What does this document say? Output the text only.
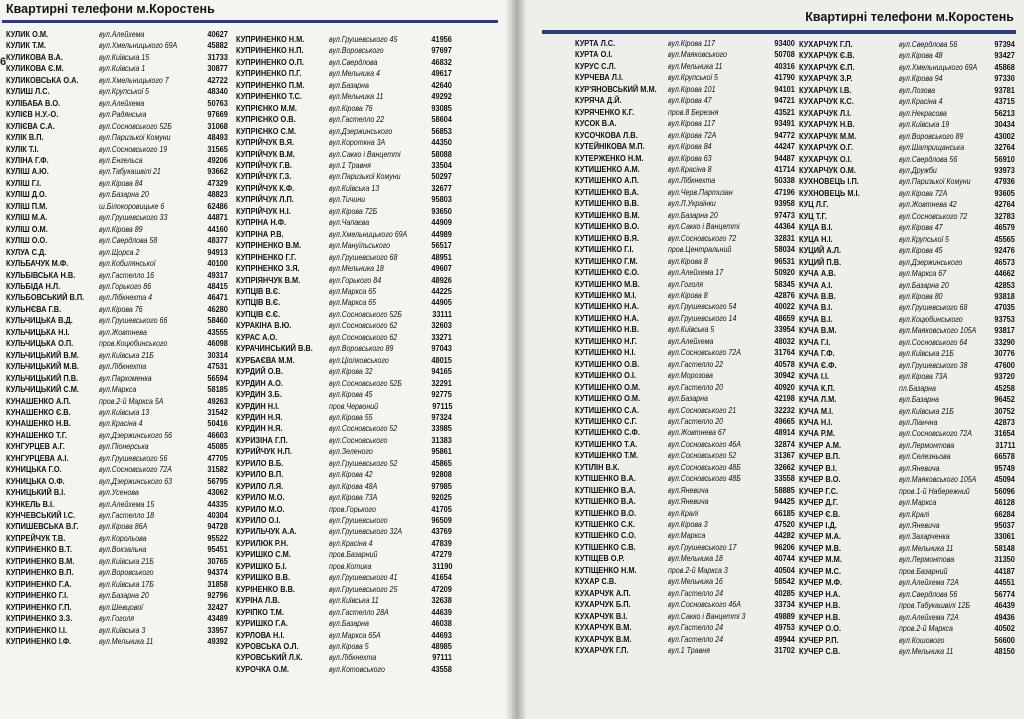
Квартирні телефони м.Коростень
6
КУЛИК О.М.	вул.Алейхема	40627
КУЛИК Т.М.	вул.Хмельницького 69А	45882
КУЛИКОВА В.А.	вул.Київська 15	31733
КУЛИКОВА Є.М.	вул.Київська 1	30877
КУЛИКОВСЬКА О.А. вул.Хмельницького 7	42722
КУЛИШ Л.С.	вул.Крупської 5	48340
КУЛІБАБА В.О.	вул.Алейхема	50763
КУЛІЄВ Н.У.-О.	вул.Радянська	97669
КУЛІЄВА С.А.	вул.Сосновського 52Б	31068
КУЛІК В.П.	вул.Паризької Комуни	48493
КУЛІК Т.І.	вул.Сосновського 19	31565
КУЛІНА Г.Ф.	вул.Енгельса	49206
КУЛІШ А.Ю.	вул.Табукашвілі 21	93662
КУЛІШ Г.І.	вул.Кірова 84	47329
КУЛІШ Д.О.	вул.Базарна 20	48823
КУЛІШ П.М.	ш.Білокоровицьке 6	62486
КУЛІШ М.А.	вул.Грушевського 33	44871
КУЛІШ О.М.	вул.Кірова 89	44160
КУЛІШ О.О.	вул.Свердлова 58	48377
КУЛУА С.Д.	вул.Щорса 2	94913
КУЛЬБАЧУК М.Ф.	вул.Кобилянської	40100
КУЛЬБІВСЬКА Н.В.	вул.Гастелло 16	49317
КУЛЬБІДА Н.Л.	вул.Горького 86	48415
КУЛЬБОВСЬКИЙ В.П. вул.Лібкнехта 4	46471
КУЛЬНЄВА Г.В.	вул.Кірова 76	46280
КУЛЬЧИЦЬКА В.Д.	вул.Грушевського 66	58460
КУЛЬЧИЦЬКА Н.І.	вул.Жовтнева	43555
КУЛЬЧИЦЬКА О.П.	пров.Коцюбинського	46098
КУЛЬЧИЦЬКИЙ В.М. вул.Київська 21Б	30314
КУЛЬЧИЦЬКИЙ М.В. вул.Лібкнехта	47531
КУЛЬЧИЦЬКИЙ П.В.	вул.Пархоменка	56594
КУЛЬЧИЦЬКИЙ С.М. вул.Маркса	58185
КУНАШЕНКО А.П.	пров.2-й Маркса 5А	49263
КУНАШЕНКО Є.В.	вул.Київська 13	31542
КУНАШЕНКО Н.В.	вул.Красіна 4	50416
КУНАШЕНКО Т.Г.	вул.Дзержинського 56	46603
КУНГУРЦЕВ А.Г.	вул.Піонерська	45085
КУНГУРЦЕВА А.І.	вул.Грушевського 56	47705
КУНИЦЬКА Г.О.	вул.Сосновського 72А	31582
КУНИЦЬКА О.Ф.	вул.Дзержинського 63	56795
КУНИЦЬКИЙ В.І.	вул.Усенова	43062
КУНКЕЛЬ В.І.	вул.Алейхема 15	44335
КУНЧЕВСЬКИЙ І.С.	вул.Гастелло 18	40304
КУПИШЕВСЬКА В.Г. вул.Кірова 86А	94728
КУПРЕЙЧУК Т.В.	вул.Корольова	95522
КУПРИНЕНКО В.Т.	вул.Вокзальна	95451
КУПРИНЕНКО В.М.	вул.Київська 21Б	30765
КУПРИНЕНКО В.П.	вул.Воровського	94374
КУПРИНЕНКО Г.А.	вул.Київська 17Б	31858
КУПРИНЕНКО Г.І.	вул.Базарна 20	92796
КУПРИНЕНКО Г.П.	вул.Шевцової	32427
КУПРИНЕНКО З.З.	вул.Гоголя	43489
КУПРИНЕНКО І.І.	вул.Київська 3	33957
КУПРИНЕНКО І.Ф.	вул.Мельника 11	49392
КУПРИНЕНКО Н.М.	вул.Грушевського 45	41956
КУПРИНЕНКО Н.П.	вул.Воровського	97697
КУПРИНЕНКО О.П.	вул.Свердлова	46832
КУПРИНЕНКО П.Г.	вул.Мельника 4	49617
КУПРИНЕНКО П.М.	вул.Базарна	42640
КУПРИНЕНКО Т.С.	вул.Мельника 11	49292
КУПРІЄНКО М.М.	вул.Кірова 76	93085
КУПРІЄНКО О.В.	вул.Гастелло 22	58604
КУПРІЄНКО С.М.	вул.Дзержинського	56853
КУПРІЙЧУК В.Я.	вул.Короткна 3А	44350
КУПРІЙЧУК В.М.	вул.Сакко і Ванцетті	58088
КУПРІЙЧУК Г.В.	вул.1 Травня	33504
КУПРІЙЧУК Г.З.	вул.Паризької Комуни	50297
КУПРІЙЧУК К.Ф.	вул.Київська 13	32677
КУПРІЙЧУК Л.П.	вул.Тичини	95803
КУПРІЙЧУК Н.І.	вул.Кірова 72Б	93650
КУПРІНА Н.Ф.	вул.Чапаєва	44909
КУПРІНА Р.В.	вул.Хмельницького 69А	44989
КУПРІНЕНКО В.М.	вул.Мануїльського	56517
КУПРІНЕНКО Г.Г.	вул.Грушевського 68	48951
КУПРІНЕНКО З.Я.	вул.Мельника 18	49607
КУПРІЯНЧУК В.М.	вул.Горького 84	48926
КУПЦІВ В.Є.	вул.Маркса 65	44225
КУПЦІВ В.Є.	вул.Маркса 65	44905
КУПЦІВ Є.Є.	вул.Сосновського 52Б	33111
КУРАКІНА В.Ю.	вул.Сосновського 62	32603
КУРАС А.О.	вул.Сосновського 62	33271
КУРАЧИНСЬКИЙ В.В. вул.Воровського 89	97043
КУРБАЄВА М.М.	вул.Ціолковського	48015
КУРДИЙ О.В.	вул.Кірова 32	94165
КУРДИН А.О.	вул.Сосновського 52Б	32291
КУРДИН З.Б.	вул.Кірова 45	92775
КУРДИН Н.І.	пров.Червоний	97115
КУРДИН Н.Я.	вул.Кірова 55	97324
КУРДИН Н.Я.	вул.Сосновського 52	33985
КУРИЗІНА Г.П.	вул.Сосновського	31383
КУРИЙЧУК Н.П.	вул.Зеленого	95861
КУРИЛО В.Б.	вул.Грушевського 52	45865
КУРИЛО В.П.	вул.Кірова 42	92808
КУРИЛО Л.Я.	вул.Кірова 48А	97985
КУРИЛО М.О.	вул.Кірова 73А	92025
КУРИЛО М.О.	пров.Горького	41705
КУРИЛО О.І.	вул.Грушевського	96509
КУРИЛЬЧУК А.А.	вул.Грушевського 32А	43769
КУРИЛЮК Р.Н.	вул.Красіна 4	47839
КУРИШКО С.М.	пров.Базарний	47279
КУРИШКО Б.І.	пров.Котика	31190
КУРИШКО В.В.	вул.Грушевського 41	41654
КУРІНЕНКО В.В.	вул.Грушевського 25	47209
КУРІНА Л.В.	вул.Київська 11	32638
КУРІПКО Т.М.	вул.Гастелло 28А	44639
КУРИШКО Г.А.	вул.Базарна	46038
КУРЛОВА Н.І.	вул.Маркса 65А	44693
КУРОВСЬКА О.Л.	вул.Кірова 5	48985
КУРОВСЬКИЙ Л.К.	вул.Лібкнехта	97111
КУРОЧКА О.М.	вул.Котовського	43558
Квартирні телефони м.Коростень
КУРТА Л.С.	вул.Кірова 117	93400
КУРТА О.І.	вул.Маяковського	50708
КУРУС С.Л.	вул.Мельника 11	40316
КУРЧЕВА Л.І.	вул.Крупської 5	41790
КУР'ЯНОВСЬКИЙ М.М. вул.Кірова 101	94101
КУРЯЧА Д.Й.	вул.Кірова 47	94721
КУРЯЧЕНКО К.Г.	пров.8 Березня	43521
КУСОК В.А.	вул.Кірова 117	93491
КУСОЧКОВА Л.В.	вул.Кірова 72А	94772
КУТЕЙНІКОВА М.П.	вул.Кірова 84	44247
КУТЕРЖЕНКО Н.М.	вул.Кірова 63	94487
КУТИШЕНКО А.М.	вул.Красіна 8	41714
КУТИШЕНКО А.П.	вул.Лібкнехта	50338
КУТИШЕНКО В.А.	вул.Черв.Партизан	47196
КУТИШЕНКО В.В.	вул.Л.Українки	93958
КУТИШЕНКО В.М.	вул.Базарна 20	97473
КУТИШЕНКО В.О.	вул.Сакко і Ванцетті	44364
КУТИШЕНКО В.Я.	вул.Сосновського 72	32831
КУТИШЕНКО Г.І.	пров.Центральний	58034
КУТИШЕНКО Г.М.	вул.Кірова 8	96531
КУТИШЕНКО Є.О.	вул.Алейхема 17	50920
КУТИШЕНКО М.В.	вул.Гоголя	58345
КУТИШЕНКО М.І.	вул.Кірова 8	42876
КУТИШЕНКО Н.А.	вул.Грушевського 54	40022
КУТИШЕНКО Н.А.	вул.Грушевського 14	48659
КУТИШЕНКО Н.В.	вул.Київська 5	33954
КУТИШЕНКО Н.Г.	вул.Алейхема	48032
КУТИШЕНКО Н.І.	вул.Сосновського 72А	31764
КУТИШЕНКО О.В.	вул.Гастелло 22	40578
КУТИШЕНКО О.І.	вул.Морозова	30942
КУТИШЕНКО О.М.	вул.Гастелло 20	40920
КУТИШЕНКО О.М.	вул.Базарна	42198
КУТИШЕНКО С.А.	вул.Сосновського 21	32232
КУТИШЕНКО С.Г.	вул.Гастелло 20	49665
КУТИШЕНКО С.Ф.	вул.Жовтнева 67	48914
КУТИШЕНКО Т.А.	вул.Сосновського 46А	32874
КУТИШЕНКО Т.М.	вул.Сосновського 52	31367
КУТІЛІН В.К.	вул.Сосновського 48Б	32662
КУТІШЕНКО В.А.	вул.Сосновського 48Б	33558
КУТІШЕНКО В.А.	вул.Яневича	58885
КУТІШЕНКО В.А.	вул.Яневича	94425
КУТІШЕНКО В.О.	вул.Кралі	66185
КУТІШЕНКО С.К.	вул.Кірова 3	47520
КУТІШЕНКО С.О.	вул.Маркса	44282
КУТІШЕНКО С.В.	вул.Грушевського 17	96206
КУТІЩЕВ О.Р.	вул.Мельника 18	40744
КУТІЩЕНКО Н.М.	пров.2-й Маркса 3	40504
КУХАР С.В.	вул.Мельника 16	58542
КУХАРЧУК А.П.	вул.Гастелло 24	40285
КУХАРЧУК Б.П.	вул.Сосновського 46А	33734
КУХАРЧУК В.І.	вул.Сакко і Ванцетті 3	49889
КУХАРЧУК В.М.	вул.Гастелло 24	49753
КУХАРЧУК В.М.	вул.Гастелло 24	49944
КУХАРЧУК Г.П.	вул.1 Травня	31702
КУХАРЧУК Г.П.	вул.Свердлова 56	97394
КУХАРЧУК Є.В.	вул.Кірова 48	93427
КУХАРЧУК Є.П.	вул.Хмельницького 69А 45868
КУХАРЧУК З.Р.	вул.Кірова 94	97330
КУХАРЧУК І.В.	вул.Лозова	93781
КУХАРЧУК К.С.	вул.Красіна 4	43715
КУХАРЧУК Л.І.	вул.Некрасова	56213
КУХАРЧУК Н.В.	вул.Київська 19	30434
КУХАРЧУК М.М.	вул.Воровського 89	43002
КУХАРЧУК О.Г.	вул.Шатрищанська	32764
КУХАРЧУК О.І.	вул.Свердлова 56	56910
КУХАРЧУК О.М.	вул.Дружби	93973
КУХНОВЕЦЬ І.П.	вул.Паризької Комуни	47936
КУХНОВЕЦЬ М.І.	вул.Кірова 72А	93605
КУЦ Л.Г.	вул.Жовтнева 42	42764
КУЦ Т.Г.	вул.Сосновського 72	32783
КУЦА В.І.	вул.Кірова 47	46579
КУЦА Н.І.	вул.Крупської 5	45565
КУЦИЙ А.Л.	вул.Кірова 45	92476
КУЦИЙ П.В.	вул.Дзержинського	46573
КУЧА А.В.	вул.Маркса 67	44662
КУЧА А.І.	вул.Базарна 20	42853
КУЧА В.В.	вул.Кірова 80	93818
КУЧА В.І.	вул.Грушевського 68	47035
КУЧА В.І.	вул.Коцюбинського	93753
КУЧА В.М.	вул.Маяковського 105А 93817
КУЧА Г.І.	вул.Сосновського 64	33290
КУЧА Г.Ф.	вул.Київська 21Б	30776
КУЧА Є.Ф.	вул.Грушевського 38	47600
КУЧА І.І.	вул.Кірова 73А	93720
КУЧА К.П.	пл.Базарна	45258
КУЧА Л.М.	вул.Базарна	96452
КУЧА М.І.	вул.Київська 21Б	30752
КУЧА Н.І.	вул.Ліанчна	42873
КУЧА Р.М.	вул.Сосновського 72А	31654
КУЧЕР А.М.	вул.Лермонтова	31711
КУЧЕР В.П.	вул.Селезньова	66578
КУЧЕР В.І.	вул.Яневича	95749
КУЧЕР В.О.	вул.Маяковського 105А 45094
КУЧЕР Г.С.	пров.1-й Набережний	56096
КУЧЕР Д.Г.	вул.Маркса	46128
КУЧЕР Є.В.	вул.Кралі	66284
КУЧЕР І.Д.	вул.Яневича	95037
КУЧЕР М.А.	вул.Захарченка	33061
КУЧЕР М.В.	вул.Мельника 11	58148
КУЧЕР М.М.	вул.Лермонтова	31350
КУЧЕР М.С.	пров.Базарний	44187
КУЧЕР М.Ф.	вул.Алейхема 72А	44551
КУЧЕР Н.А.	вул.Свердлова 56	56774
КУЧЕР Н.В.	пров.Табукашвілі 12Б	46439
КУЧЕР Н.В.	вул.Алейхема 72А	49436
КУЧЕР О.О.	пров.2-й Маркса	40502
КУЧЕР Р.П.	вул.Кошового	56600
КУЧЕР С.В.	вул.Мельника 11	48150
